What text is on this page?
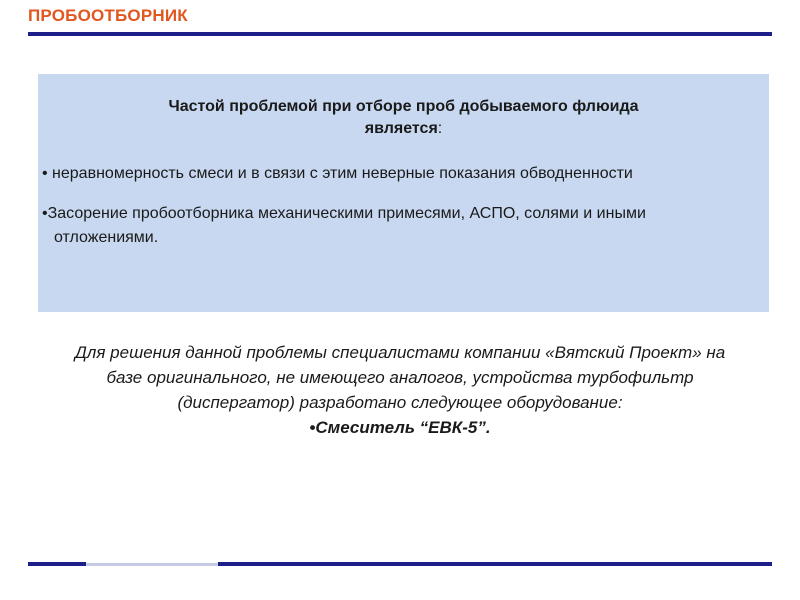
ПРОБООТБОРНИК
Частой проблемой при отборе проб добываемого флюида
является:
• неравномерность смеси и в связи с этим неверные показания обводненности
•Засорение пробоотборника механическими примесями, АСПО, солями и иными отложениями.
Для решения данной проблемы специалистами компании «Вятский Проект» на базе оригинального, не имеющего аналогов, устройства турбофильтр (диспергатор) разработано следующее оборудование:
•Смеситель “ЕВК-5”.
